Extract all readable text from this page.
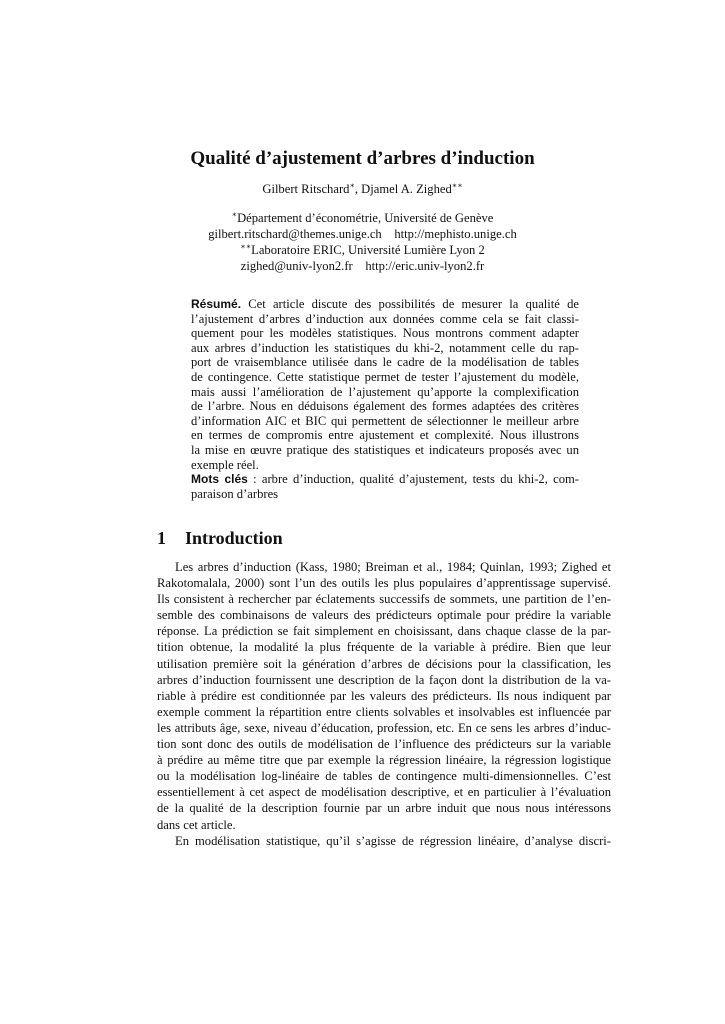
Qualité d’ajustement d’arbres d’induction
Gilbert Ritschard∗, Djamel A. Zighed∗∗
∗Département d’économétrie, Université de Genève
gilbert.ritschard@themes.unige.ch    http://mephisto.unige.ch
∗∗Laboratoire ERIC, Université Lumière Lyon 2
zighed@univ-lyon2.fr    http://eric.univ-lyon2.fr
Résumé. Cet article discute des possibilités de mesurer la qualité de
l’ajustement d’arbres d’induction aux données comme cela se fait classi-
quement pour les modèles statistiques. Nous montrons comment adapter
aux arbres d’induction les statistiques du khi-2, notamment celle du rap-
port de vraisemblance utilisée dans le cadre de la modélisation de tables
de contingence. Cette statistique permet de tester l’ajustement du modèle,
mais aussi l’amélioration de l’ajustement qu’apporte la complexification
de l’arbre. Nous en déduisons également des formes adaptées des critères
d’information AIC et BIC qui permettent de sélectionner le meilleur arbre
en termes de compromis entre ajustement et complexité. Nous illustrons
la mise en œuvre pratique des statistiques et indicateurs proposés avec un
exemple réel.
Mots clés : arbre d’induction, qualité d’ajustement, tests du khi-2, com-
paraison d’arbres
1 Introduction
Les arbres d’induction (Kass, 1980; Breiman et al., 1984; Quinlan, 1993; Zighed et
Rakotomalala, 2000) sont l’un des outils les plus populaires d’apprentissage supervisé.
Ils consistent à rechercher par éclatements successifs de sommets, une partition de l’en-
semble des combinaisons de valeurs des prédicteurs optimale pour prédire la variable
réponse. La prédiction se fait simplement en choisissant, dans chaque classe de la par-
tition obtenue, la modalité la plus fréquente de la variable à prédire. Bien que leur
utilisation première soit la génération d’arbres de décisions pour la classification, les
arbres d’induction fournissent une description de la façon dont la distribution de la va-
riable à prédire est conditionnée par les valeurs des prédicteurs. Ils nous indiquent par
exemple comment la répartition entre clients solvables et insolvables est influencée par
les attributs âge, sexe, niveau d’éducation, profession, etc. En ce sens les arbres d’induc-
tion sont donc des outils de modélisation de l’influence des prédicteurs sur la variable
à prédire au même titre que par exemple la régression linéaire, la régression logistique
ou la modélisation log-linéaire de tables de contingence multi-dimensionnelles. C’est
essentiellement à cet aspect de modélisation descriptive, et en particulier à l’évaluation
de la qualité de la description fournie par un arbre induit que nous nous intéressons
dans cet article.
En modélisation statistique, qu’il s’agisse de régression linéaire, d’analyse discri-
